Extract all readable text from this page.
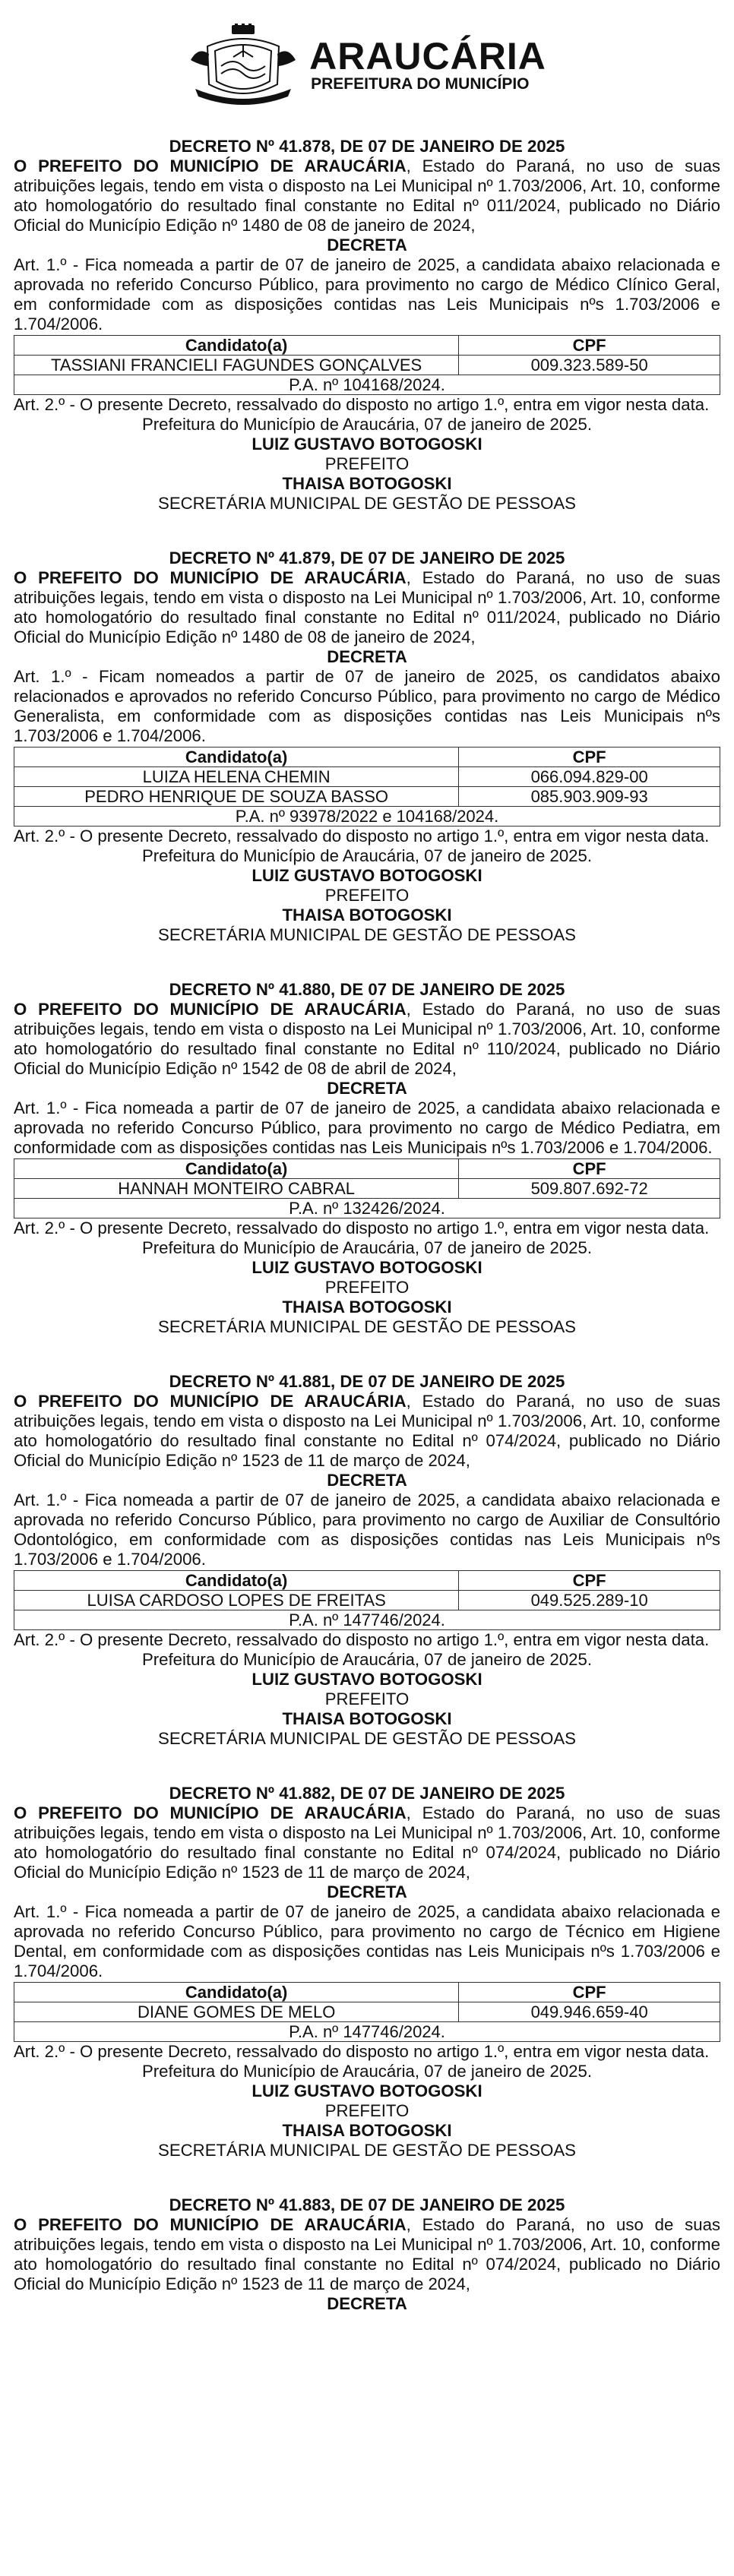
ARAUCÁRIA
PREFEITURA DO MUNICÍPIO
DECRETO Nº 41.878, DE 07 DE JANEIRO DE 2025
O PREFEITO DO MUNICÍPIO DE ARAUCÁRIA, Estado do Paraná, no uso de suas atribuições legais, tendo em vista o disposto na Lei Municipal nº 1.703/2006, Art. 10, conforme ato homologatório do resultado final constante no Edital nº 011/2024, publicado no Diário Oficial do Município Edição nº 1480 de 08 de janeiro de 2024,
DECRETA
Art. 1.º - Fica nomeada a partir de 07 de janeiro de 2025, a candidata abaixo relacionada e aprovada no referido Concurso Público, para provimento no cargo de Médico Clínico Geral, em conformidade com as disposições contidas nas Leis Municipais nºs 1.703/2006 e 1.704/2006.
Candidato(a)	CPF
TASSIANI FRANCIELI FAGUNDES GONÇALVES	009.323.589-50
P.A. nº 104168/2024.	
Art. 2.º - O presente Decreto, ressalvado do disposto no artigo 1.º, entra em vigor nesta data.
Prefeitura do Município de Araucária, 07 de janeiro de 2025.
LUIZ GUSTAVO BOTOGOSKI
PREFEITO
THAISA BOTOGOSKI
SECRETÁRIA MUNICIPAL DE GESTÃO DE PESSOAS
DECRETO Nº 41.879, DE 07 DE JANEIRO DE 2025
O PREFEITO DO MUNICÍPIO DE ARAUCÁRIA, Estado do Paraná, no uso de suas atribuições legais, tendo em vista o disposto na Lei Municipal nº 1.703/2006, Art. 10, conforme ato homologatório do resultado final constante no Edital nº 011/2024, publicado no Diário Oficial do Município Edição nº 1480 de 08 de janeiro de 2024,
DECRETA
Art. 1.º - Ficam nomeados a partir de 07 de janeiro de 2025, os candidatos abaixo relacionados e aprovados no referido Concurso Público, para provimento no cargo de Médico Generalista, em conformidade com as disposições contidas nas Leis Municipais nºs 1.703/2006 e 1.704/2006.
Candidato(a)	CPF
LUIZA HELENA CHEMIN	066.094.829-00
PEDRO HENRIQUE DE SOUZA BASSO	085.903.909-93
P.A. nº 93978/2022 e 104168/2024.	
Art. 2.º - O presente Decreto, ressalvado do disposto no artigo 1.º, entra em vigor nesta data.
Prefeitura do Município de Araucária, 07 de janeiro de 2025.
LUIZ GUSTAVO BOTOGOSKI
PREFEITO
THAISA BOTOGOSKI
SECRETÁRIA MUNICIPAL DE GESTÃO DE PESSOAS
DECRETO Nº 41.880, DE 07 DE JANEIRO DE 2025
O PREFEITO DO MUNICÍPIO DE ARAUCÁRIA, Estado do Paraná, no uso de suas atribuições legais, tendo em vista o disposto na Lei Municipal nº 1.703/2006, Art. 10, conforme ato homologatório do resultado final constante no Edital nº 110/2024, publicado no Diário Oficial do Município Edição nº 1542 de 08 de abril de 2024,
DECRETA
Art. 1.º - Fica nomeada a partir de 07 de janeiro de 2025, a candidata abaixo relacionada e aprovada no referido Concurso Público, para provimento no cargo de Médico Pediatra, em conformidade com as disposições contidas nas Leis Municipais nºs 1.703/2006 e 1.704/2006.
Candidato(a)	CPF
HANNAH MONTEIRO CABRAL	509.807.692-72
P.A. nº 132426/2024.	
Art. 2.º - O presente Decreto, ressalvado do disposto no artigo 1.º, entra em vigor nesta data.
Prefeitura do Município de Araucária, 07 de janeiro de 2025.
LUIZ GUSTAVO BOTOGOSKI
PREFEITO
THAISA BOTOGOSKI
SECRETÁRIA MUNICIPAL DE GESTÃO DE PESSOAS
DECRETO Nº 41.881, DE 07 DE JANEIRO DE 2025
O PREFEITO DO MUNICÍPIO DE ARAUCÁRIA, Estado do Paraná, no uso de suas atribuições legais, tendo em vista o disposto na Lei Municipal nº 1.703/2006, Art. 10, conforme ato homologatório do resultado final constante no Edital nº 074/2024, publicado no Diário Oficial do Município Edição nº 1523 de 11 de março de 2024,
DECRETA
Art. 1.º - Fica nomeada a partir de 07 de janeiro de 2025, a candidata abaixo relacionada e aprovada no referido Concurso Público, para provimento no cargo de Auxiliar de Consultório Odontológico, em conformidade com as disposições contidas nas Leis Municipais nºs 1.703/2006 e 1.704/2006.
Candidato(a)	CPF
LUISA CARDOSO LOPES DE FREITAS	049.525.289-10
P.A. nº 147746/2024.	
Art. 2.º - O presente Decreto, ressalvado do disposto no artigo 1.º, entra em vigor nesta data.
Prefeitura do Município de Araucária, 07 de janeiro de 2025.
LUIZ GUSTAVO BOTOGOSKI
PREFEITO
THAISA BOTOGOSKI
SECRETÁRIA MUNICIPAL DE GESTÃO DE PESSOAS
DECRETO Nº 41.882, DE 07 DE JANEIRO DE 2025
O PREFEITO DO MUNICÍPIO DE ARAUCÁRIA, Estado do Paraná, no uso de suas atribuições legais, tendo em vista o disposto na Lei Municipal nº 1.703/2006, Art. 10, conforme ato homologatório do resultado final constante no Edital nº 074/2024, publicado no Diário Oficial do Município Edição nº 1523 de 11 de março de 2024,
DECRETA
Art. 1.º - Fica nomeada a partir de 07 de janeiro de 2025, a candidata abaixo relacionada e aprovada no referido Concurso Público, para provimento no cargo de Técnico em Higiene Dental, em conformidade com as disposições contidas nas Leis Municipais nºs 1.703/2006 e 1.704/2006.
Candidato(a)	CPF
DIANE GOMES DE MELO	049.946.659-40
P.A. nº 147746/2024.	
Art. 2.º - O presente Decreto, ressalvado do disposto no artigo 1.º, entra em vigor nesta data.
Prefeitura do Município de Araucária, 07 de janeiro de 2025.
LUIZ GUSTAVO BOTOGOSKI
PREFEITO
THAISA BOTOGOSKI
SECRETÁRIA MUNICIPAL DE GESTÃO DE PESSOAS
DECRETO Nº 41.883, DE 07 DE JANEIRO DE 2025
O PREFEITO DO MUNICÍPIO DE ARAUCÁRIA, Estado do Paraná, no uso de suas atribuições legais, tendo em vista o disposto na Lei Municipal nº 1.703/2006, Art. 10, conforme ato homologatório do resultado final constante no Edital nº 074/2024, publicado no Diário Oficial do Município Edição nº 1523 de 11 de março de 2024,
DECRETA
